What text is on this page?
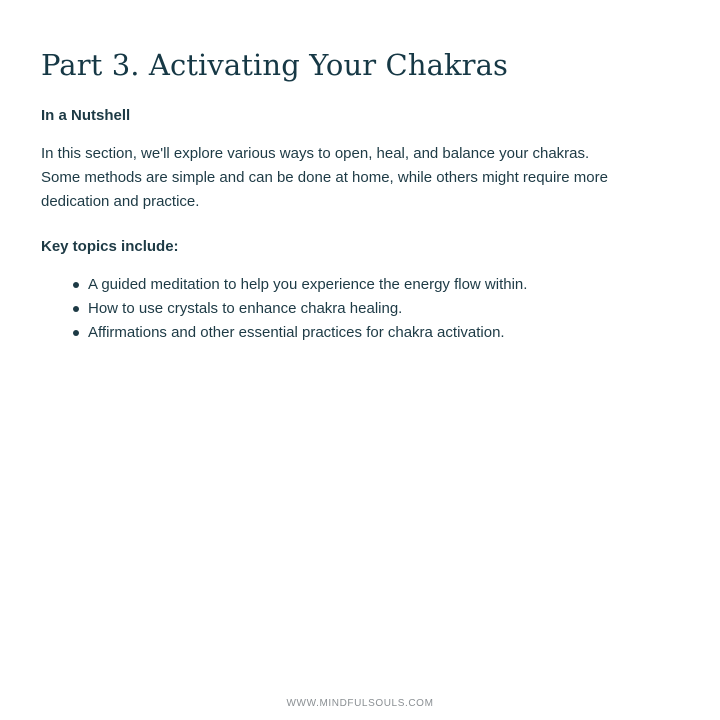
Part 3. Activating Your Chakras
In a Nutshell

In this section, we'll explore various ways to open, heal, and balance your chakras.
Some methods are simple and can be done at home, while others might require more
dedication and practice.

Key topics include:
A guided meditation to help you experience the energy flow within.
How to use crystals to enhance chakra healing.
Affirmations and other essential practices for chakra activation.
WWW.MINDFULSOULS.COM
